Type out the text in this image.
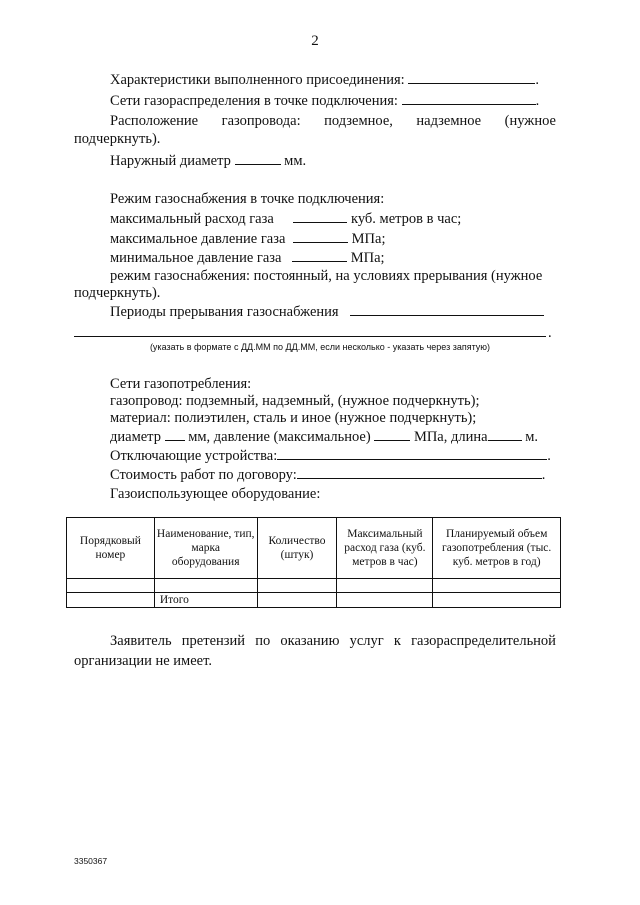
2
Характеристики выполненного присоединения:	.
Сети газораспределения в точке подключения:	.
Расположение газопровода: подземное, надземное (нужное
подчеркнуть).
Наружный диаметр	мм.
Режим газоснабжения в точке подключения:
максимальный расход газа	куб. метров в час;
максимальное давление газа	МПа;
минимальное давление газа	МПа;
режим газоснабжения: постоянный, на условиях прерывания (нужное
подчеркнуть).
Периоды прерывания газоснабжения
.
(указать в формате с ДД.ММ по ДД.ММ, если несколько - указать через запятую)
Сети газопотребления:
газопровод: подземный, надземный, (нужное подчеркнуть);
материал: полиэтилен, сталь и иное (нужное подчеркнуть);
диаметр мм, давление (максимальное)	МПа, длина	м.
Отключающие устройства:	.
Стоимость работ по договору:	.
Газоиспользующее оборудование:
Порядковый номер	Наименование, тип, марка оборудования	Количество (штук)	Максимальный расход газа (куб. метров в час)	Планируемый объем газопотребления (тыс. куб. метров в год)

	Итого			
Заявитель претензий по оказанию услуг к газораспределительной
организации не имеет.
3350367
